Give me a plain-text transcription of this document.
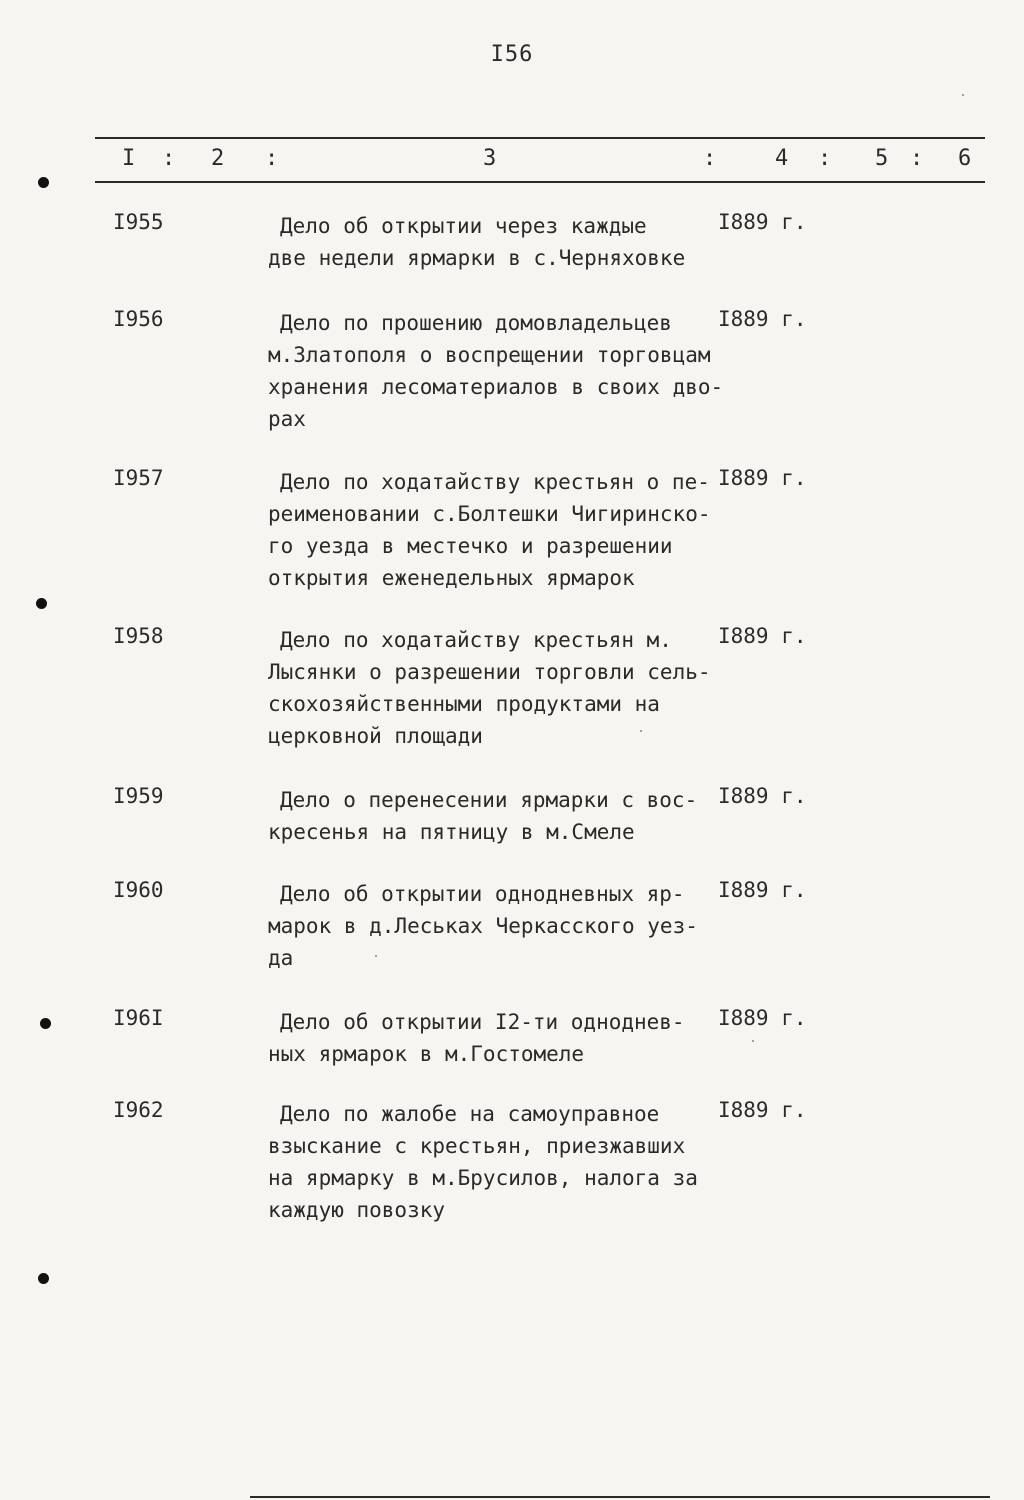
I56
I : 2 :	3	:	4 : 5 : 6
I955	Дело об открытии через каждые
две недели ярмарки в с.Черняховке

I889 г.
I956	Дело по прошению домовладельцев
м.Златополя о воспрещении торговцам
хранения лесоматериалов в своих дво-
рах

I889 г.
I957	Дело по ходатайству крестьян о пе-
реименовании с.Болтешки Чигиринско-
го уезда в местечко и разрешении
открытия еженедельных ярмарок

I889 г.
I958	Дело по ходатайству крестьян м.
Лысянки о разрешении торговли сель-
скохозяйственными продуктами на
церковной площади

I889 г.
I959	Дело о перенесении ярмарки с вос-
кресенья на пятницу в м.Смеле

I889 г.
I960	Дело об открытии однодневных яр-
марок в д.Леськах Черкасского уез-
да

I889 г.
I96I	Дело об открытии I2-ти одноднев-
ных ярмарок в м.Гостомеле

I889 г.
I962	Дело по жалобе на самоуправное
взыскание с крестьян, приезжавших
на ярмарку в м.Брусилов, налога за
каждую повозку

I889 г.
